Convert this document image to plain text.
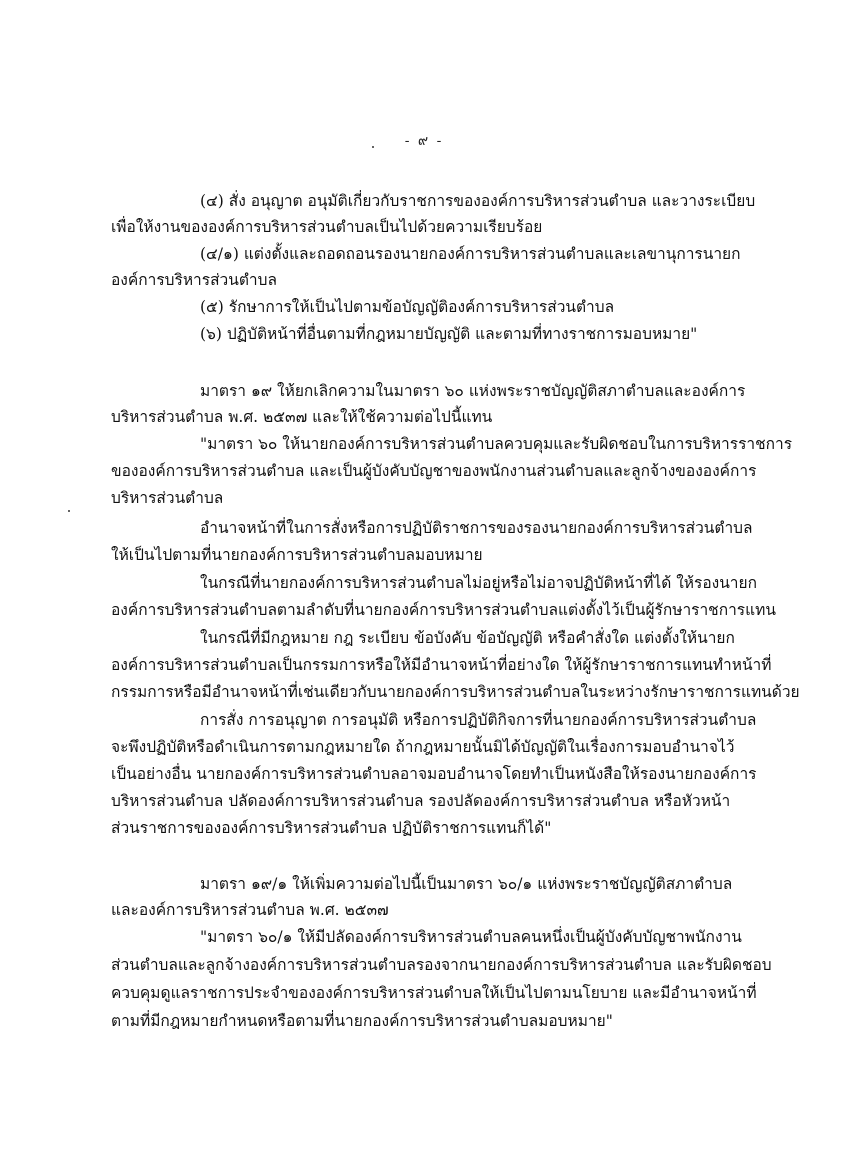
- ๙ -
(๔) สั่ง อนุญาต อนุมัติเกี่ยวกับราชการขององค์การบริหารส่วนตำบล และวางระเบียบ
เพื่อให้งานขององค์การบริหารส่วนตำบลเป็นไปด้วยความเรียบร้อย
(๔/๑) แต่งตั้งและถอดถอนรองนายกองค์การบริหารส่วนตำบลและเลขานุการนายก
องค์การบริหารส่วนตำบล
(๕) รักษาการให้เป็นไปตามข้อบัญญัติองค์การบริหารส่วนตำบล
(๖) ปฏิบัติหน้าที่อื่นตามที่กฎหมายบัญญัติ และตามที่ทางราชการมอบหมาย"
มาตรา ๑๙ ให้ยกเลิกความในมาตรา ๖๐ แห่งพระราชบัญญัติสภาตำบลและองค์การ
บริหารส่วนตำบล พ.ศ. ๒๕๓๗ และให้ใช้ความต่อไปนี้แทน
"มาตรา ๖๐ ให้นายกองค์การบริหารส่วนตำบลควบคุมและรับผิดชอบในการบริหารราชการ
ขององค์การบริหารส่วนตำบล และเป็นผู้บังคับบัญชาของพนักงานส่วนตำบลและลูกจ้างขององค์การ
บริหารส่วนตำบล
อำนาจหน้าที่ในการสั่งหรือการปฏิบัติราชการของรองนายกองค์การบริหารส่วนตำบล
ให้เป็นไปตามที่นายกองค์การบริหารส่วนตำบลมอบหมาย
ในกรณีที่นายกองค์การบริหารส่วนตำบลไม่อยู่หรือไม่อาจปฏิบัติหน้าที่ได้ ให้รองนายก
องค์การบริหารส่วนตำบลตามลำดับที่นายกองค์การบริหารส่วนตำบลแต่งตั้งไว้เป็นผู้รักษาราชการแทน
ในกรณีที่มีกฎหมาย กฎ ระเบียบ ข้อบังคับ ข้อบัญญัติ หรือคำสั่งใด แต่งตั้งให้นายก
องค์การบริหารส่วนตำบลเป็นกรรมการหรือให้มีอำนาจหน้าที่อย่างใด ให้ผู้รักษาราชการแทนทำหน้าที่
กรรมการหรือมีอำนาจหน้าที่เช่นเดียวกับนายกองค์การบริหารส่วนตำบลในระหว่างรักษาราชการแทนด้วย
การสั่ง การอนุญาต การอนุมัติ หรือการปฏิบัติกิจการที่นายกองค์การบริหารส่วนตำบล
จะพึงปฏิบัติหรือดำเนินการตามกฎหมายใด ถ้ากฎหมายนั้นมิได้บัญญัติในเรื่องการมอบอำนาจไว้
เป็นอย่างอื่น นายกองค์การบริหารส่วนตำบลอาจมอบอำนาจโดยทำเป็นหนังสือให้รองนายกองค์การ
บริหารส่วนตำบล ปลัดองค์การบริหารส่วนตำบล รองปลัดองค์การบริหารส่วนตำบล หรือหัวหน้า
ส่วนราชการขององค์การบริหารส่วนตำบล ปฏิบัติราชการแทนก็ได้"
มาตรา ๑๙/๑ ให้เพิ่มความต่อไปนี้เป็นมาตรา ๖๐/๑ แห่งพระราชบัญญัติสภาตำบล
และองค์การบริหารส่วนตำบล พ.ศ. ๒๕๓๗
"มาตรา ๖๐/๑ ให้มีปลัดองค์การบริหารส่วนตำบลคนหนึ่งเป็นผู้บังคับบัญชาพนักงาน
ส่วนตำบลและลูกจ้างองค์การบริหารส่วนตำบลรองจากนายกองค์การบริหารส่วนตำบล และรับผิดชอบ
ควบคุมดูแลราชการประจำขององค์การบริหารส่วนตำบลให้เป็นไปตามนโยบาย และมีอำนาจหน้าที่
ตามที่มีกฎหมายกำหนดหรือตามที่นายกองค์การบริหารส่วนตำบลมอบหมาย"
